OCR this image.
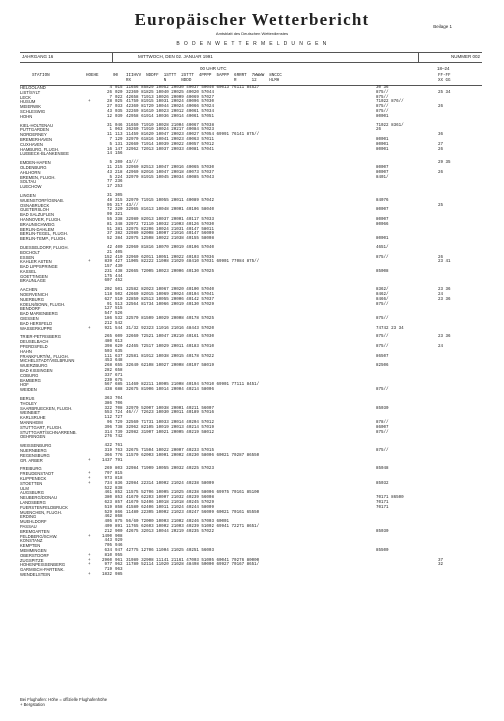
Europäischer Wetterbericht	Beilage 1
Amtsblatt des Deutschen Wetterdienstes
B O D E N W E T T E R M E L D U N G E N
JAHRGANG 16	MITTWOCH, DEN 02. JANUAR 1991	NUMMER 002
00 UHR UTC	18–24
STATION	HOEHE	00 IIIHVV  NDDFF  1STTT  2STTT  4PPPP  5APPP  6RRRT  7WWWW  8NCCC
RX             N      NDDD                 R      12     HLMH
FF-FF
XX GG
HELGOLAND	4 015 11656 85829 10052 20030 40037 50040 60013 76111 84527	30 36
LIST/SYLT	26 020 32360 81825 10040 20025 40020 57044	875//	25 34
LECK	7 022 42658 71913 10026 20009 40069 57027	875//
HUSUM	+	28 025 41750 81915 10031 20024 40096 57030	71022 876//
MEIERWIK	27 033 42360 81720 10044 20024 40066 57024	875//	26
SCHLESWIG	43 035 32260 81610 10023 20012 40061 57034	875//
HOHN	12 039 42958 61914 10036 20014 40061 57051	80001
KIEL-HOLTENAU	31 046 31650 71910 10028 21004 40067 57038	71022 8361/
PUTTGARDEN	1 063 36260 71910 10024 20217 40084 57023	26
NORDERNEY	11 113 11459 81620 10047 20023 40027 57054 69991 76141 875//	36
BREMERHAVEN	7 129 32970 61816 10041 20023 40063 57011	80001
CUXHAVEN	5 131 32660 71914 10039 20022 40057 57012	80001	27
HAMBURG, FLUGH.	16 147 32962 72013 10037 20033 40081 57041	80001	26
LUEBECK-BLANKENSEE	14 156
EMDEN-HAFEN	5 200 43///	29 35
OLDENBURG	11 215 32960 82513 10047 20016 40065 57030	80007
AHLHORN	43 218 42960 82016 10047 20018 40073 57037	80007	26
BREMEN, FLUGH.	5 224 32970 81915 10045 20034 40085 57043	8401/
SOLTAU	77 236
LUECHOW	17 253
LINGEN	31 305
WUENSTORF/OSNAB.	48 315 32970 71915 10055 20011 40089 57042	84076
OSNABRUECK	95 317 43///	25
GUETERSLOH	72 320 32965 81613 10048 20001 40106 58040	80007
BAD SALZUFLEN	99 321
HANNOVER, FLUGH.	55 338 32980 82013 10037 20001 40117 57033	80007
BRAUNSCHWEIG	81 348 32972 72110 10032 21003 40126 57030	80066
BERLIN-DAHLEM	51 381 32975 82206 10024 21031 40147 58011
BERLIN-TEGEL, FLUGH.	37 382 32980 82008 10007 21016 40147 56009
BERLIN-TEMP., FLUGH.	52 384 32975 12508 10022 21038 40155 58008	80001
DUESSELDORF, FLUGH.	42 400 32960 81816 10070 20019 40106 57040	4651/
BOCHOLT	21 405
ESSEN	152 410 32960 62011 10051 20022 40103 57036	875//	26
KAHLER ASTEN	+	839 427 11005 82222 11008 21029 48410 57031 69901 77084 875//	23 41
BAD LIPPSPRINGE	157 430
KASSEL	231 438 32665 72005 10023 20006 40130 57025	85008
GOETTINGEN	175 444
BRAUNLAGE	607 452
AACHEN	202 501 32582 82023 10067 20020 40100 57040	8362/	23 36
NOERVENICH	118 502 42660 82015 10069 20024 40104 57041	8462/	24
NUERBURG	627 510 32850 82513 10055 20006 40142 57037	8466/	23 36
KOELN/BONN, FLUGH.	91 513 32564 81734 10066 20019 40130 57029	875//
BENDORF	127 515
BAD MARIENBERG	547 526
GIESSEN	186 532 32570 81509 10029 20008 40178 57025	875//
BAD HERSFELD	212 542
WASSERKUPPE	+	921 544 31/32 92323 11016 21016 48443 57020	74742 23 34
TRIER-PETRISBERG	265 609 32660 72521 10047 20210 40161 57030	875//	23 36
DEUSELBACH	480 613
PFERDSFELD	398 620 42465 72517 10029 20011 40183 57010	875//	24
HAHN	503 635
FRANKFURT/M., FLUGH.	111 637 32581 81912 10038 20015 40178 57022	86507
MICHELSTADT/VIELBRUNN	453 648
WUERZBURG	268 655 32640 62108 10027 20008 40197 58019	82506
BAD KISSINGEN	282 658
COBURG	337 671
BAMBERG	239 675
HOF	567 685 11460 82211 10005 21008 40194 57010 69901 77111 8451/
WEIDEN	438 688 32675 81906 10014 20004 40214 58006	875//
BERUS	363 704
THOLEY	386 706
SAARBRUECKEN, FLUGH.	322 708 32970 52007 10038 20001 40211 56007	85030
WEINBIET	553 724 46/// 72623 10030 20011 40189 57016
KARLSRUHE	112 727
MANNHEIM	96 729 32560 71731 10033 20014 40204 57012	878//
STUTTGART, FLUGH.	396 738 32962 82105 10019 20013 40214 57019	86007
STUTTGART/SCHNARRENB.	314 739 32982 31907 10021 20005 40219 58012	875//
OEHRINGEN	276 742
WEISSENBURG	422 761
NUERNBERG	319 763 32675 71504 10022 20007 40233 57015	875//
REGENSBURG	366 776 11570 62003 10001 20002 40230 58006 60021 70287 86550
GR. ARBER	+	1437 791
FREIBURG	269 803 32984 71909 10055 20032 40225 57023	85048
FREUDENSTADT	+	797 815
KLIPPENECK	+	973 818
STOETTEN	+	734 836 32984 22314 10002 21024 40238 58009	85032
ULM	522 838
AUGSBURG	461 852 11575 52706 10005 21025 40238 58006 69975 70161 85100
NEUBERG/DONAU	380 853 41670 62203 10007 21032 40239 56008	70171 86500
LANDSBERG	623 857 41670 52406 10018 21018 40245 57029	70171
FUERSTENFELDBRUCK	519 858 41580 62406 10011 21024 40244 58009	70171
MUENCHEN, FLUGH.	529 866 11480 22305 10002 21023 40247 56009 60021 70161 65550
ERDING	462 868
MUEHLDORF	405 875 56/60 72000 10003 21002 40246 57003 60001
PASSAU	409 891 11765 62603 10002 21003 40239 51002 69941 72271 8651/
BREMGARTEN	212 900 42675 32013 10044 20219 40235 57022	85030
FELDBERG/SCHW.	+	1490 908
KONSTANZ	443 929
KEMPTEN	705 946
MEMMINGEN	634 947 42775 12706 11004 21025 40251 56003	85500
OBERSTDORF	+	810 955
ZUGSPITZE	+	2960 961 31989 32908 11141 21161 47003 51005 60041 70276 80000	37
HOHENPEISSENBERG	+	977 962 11780 52114 11020 21028 48498 50000 69927 70167 8651/	32
GARMISCH-PARTENK.	719 963
WENDELSTEIN	+	1832 985
Bei Flughafen: Höhe = offizielle Flughafenhöhe
+ Bergstation
